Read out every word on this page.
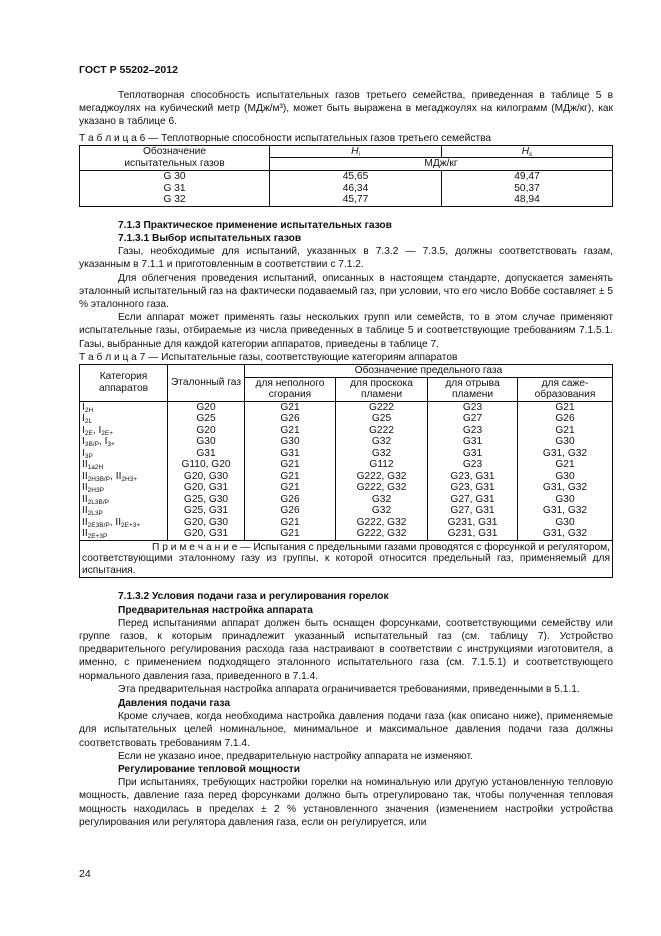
ГОСТ Р 55202–2012

Теплотворная способность испытательных газов третьего семейства, приведенная в таблице 5 в мегаджоулях на кубический метр (МДж/м³), может быть выражена в мегаджоулях на килограмм (МДж/кг), как указано в таблице 6.

Т а б л и ц а 6 — Теплотворные способности испытательных газов третьего семейства
Обозначение
испытательных газов	$H_i$	$H_s$
	МДж/кг	
G 30	45,65	49,47
G 31	46,34	50,37
G 32	45,77	48,94

7.1.3 Практическое применение испытательных газов

7.1.3.1 Выбор испытательных газов

Газы, необходимые для испытаний, указанных в 7.3.2 — 7.3.5, должны соответствовать газам, указанным в 7.1.1 и приготовленным в соответствии с 7.1.2.

Для облегчения проведения испытаний, описанных в настоящем стандарте, допускается заменять эталонный испытательный газ на фактически подаваемый газ, при условии, что его число Воббе составляет ± 5 % эталонного газа.

Если аппарат может применять газы нескольких групп или семейств, то в этом случае применяют испытательные газы, отбираемые из числа приведенных в таблице 5 и соответствующие требованиям 7.1.5.1. Газы, выбранные для каждой категории аппаратов, приведены в таблице 7.

Т а б л и ц а 7 — Испытательные газы, соответствующие категориям аппаратов
Категория аппаратов	Эталонный газ	Обозначение предельного газа			
		для неполного сгорания	для проскока пламени	для отрыва пламени	для саже-образования
$I_{2H}$	G20	G21	G222	G23	G21
$I_{2L}$	G25	G26	G25	G27	G26
$I_{2E}$, $I_{2E+}$	G20	G21	G222	G23	G21
$I_{3B/P}$, $I_{3+}$	G30	G30	G32	G31	G30
$I_{3P}$	G31	G31	G32	G31	G31, G32
$II_{1a2H}$	G110, G20	G21	G112	G23	G21
$II_{2H3B/P}$, $II_{2H3+}$	G20, G30	G21	G222, G32	G23, G31	G30
$II_{2H3P}$	G20, G31	G21	G222, G32	G23, G31	G31, G32
$II_{2L3B/P}$	G25, G30	G26	G32	G27, G31	G30
$II_{2L3P}$	G25, G31	G26	G32	G27, G31	G31, G32
$II_{2E3B/P}$, $II_{2E+3+}$	G20, G30	G21	G222, G32	G231, G31	G30
$II_{2E+3P}$	G20, G31	G21	G222, G32	G231, G31	G31, G32
П р и м е ч а н и е — Испытания с предельными газами проводятся с форсункой и регулятором, соответствующими эталонному газу из группы, к которой относится предельный газ, применяемый для испытания.					

7.1.3.2 Условия подачи газа и регулирования горелок

Предварительная настройка аппарата

Перед испытаниями аппарат должен быть оснащен форсунками, соответствующими семейству или группе газов, к которым принадлежит указанный испытательный газ (см. таблицу 7). Устройство предварительного регулирования расхода газа настраивают в соответствии с инструкциями изготовителя, а именно, с применением подходящего эталонного испытательного газа (см. 7.1.5.1) и соответствующего нормального давления газа, приведенного в 7.1.4.

Эта предварительная настройка аппарата ограничивается требованиями, приведенными в 5.1.1.

Давления подачи газа

Кроме случаев, когда необходима настройка давления подачи газа (как описано ниже), применяемые для испытательных целей номинальное, минимальное и максимальное давления подачи газа должны соответствовать требованиям 7.1.4.

Если не указано иное, предварительную настройку аппарата не изменяют.

Регулирование тепловой мощности

При испытаниях, требующих настройки горелки на номинальную или другую установленную тепловую мощность, давление газа перед форсунками должно быть отрегулировано так, чтобы полученная тепловая мощность находилась в пределах ± 2 % установленного значения (изменением настройки устройства регулирования или регулятора давления газа, если он регулируется, или

24
